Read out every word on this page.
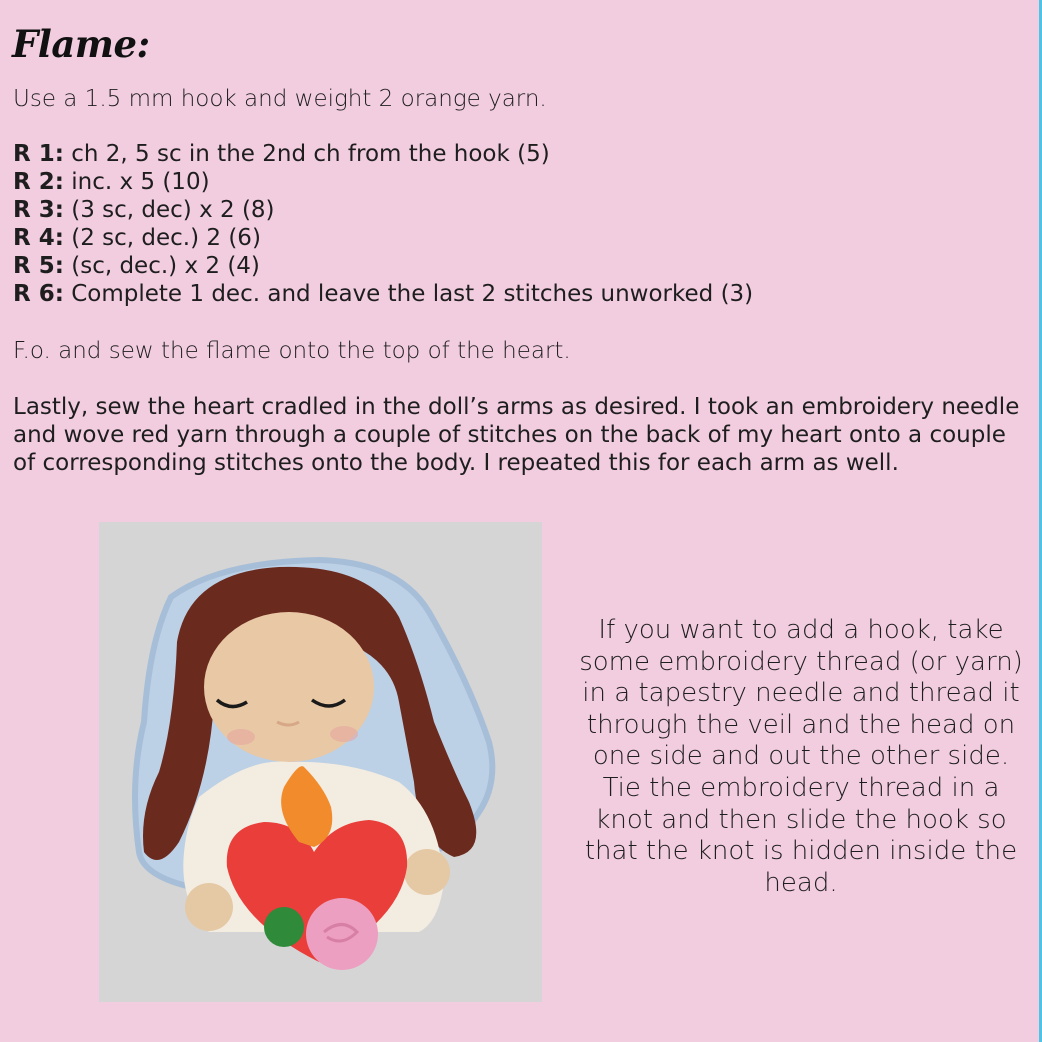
Flame:
Use a 1.5 mm hook and weight 2 orange yarn.
R 1: ch 2, 5 sc in the 2nd ch from the hook (5)
R 2: inc. x 5 (10)
R 3: (3 sc, dec) x 2 (8)
R 4: (2 sc, dec.) 2 (6)
R 5: (sc, dec.) x 2 (4)
R 6: Complete 1 dec. and leave the last 2 stitches unworked (3)
F.o. and sew the flame onto the top of the heart.
Lastly, sew the heart cradled in the doll’s arms as desired. I took an embroidery needle and wove red yarn through a couple of stitches on the back of my heart onto a couple of corresponding stitches onto the body. I repeated this for each arm as well.
If you want to add a hook, take some embroidery thread (or yarn) in a tapestry needle and thread it through the veil and the head on one side and out the other side. Tie the embroidery thread in a knot and then slide the hook so that the knot is hidden inside the head.
